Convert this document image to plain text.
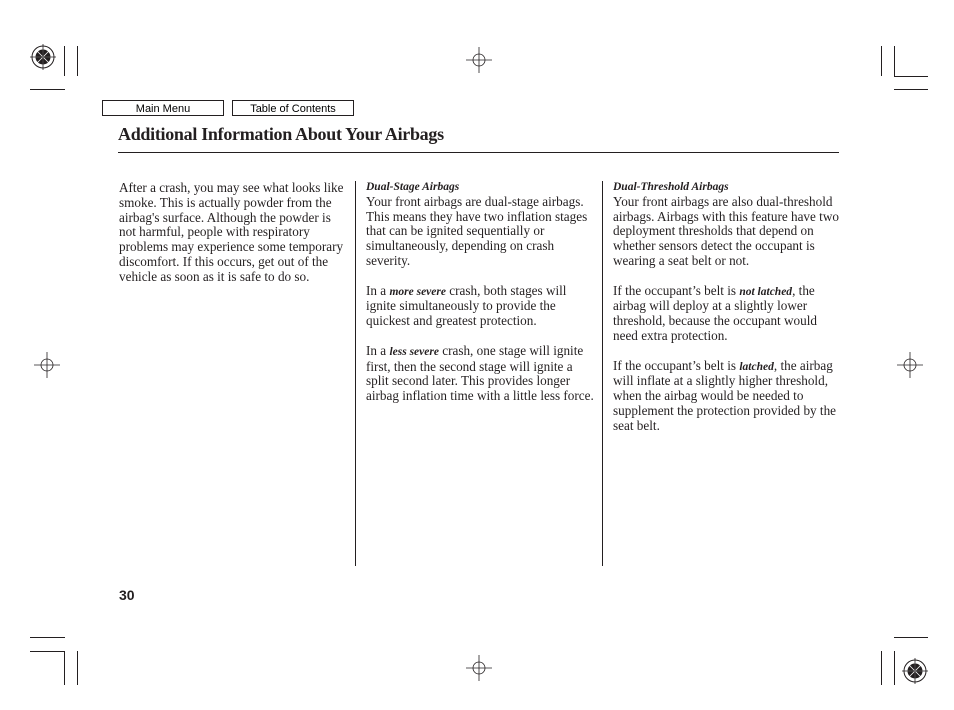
Main Menu	Table of Contents
Additional Information About Your Airbags

After a crash, you may see what looks like smoke. This is actually powder from the airbag's surface. Although the powder is not harmful, people with respiratory problems may experience some temporary discomfort. If this occurs, get out of the vehicle as soon as it is safe to do so.

Dual-Stage Airbags

Your front airbags are dual-stage airbags. This means they have two inflation stages that can be ignited sequentially or simultaneously, depending on crash severity.

In a more severe crash, both stages will ignite simultaneously to provide the quickest and greatest protection.

In a less severe crash, one stage will ignite first, then the second stage will ignite a split second later. This provides longer airbag inflation time with a little less force.

Dual-Threshold Airbags

Your front airbags are also dual-threshold airbags. Airbags with this feature have two deployment thresholds that depend on whether sensors detect the occupant is wearing a seat belt or not.

If the occupant’s belt is not latched, the airbag will deploy at a slightly lower threshold, because the occupant would need extra protection.

If the occupant’s belt is latched, the airbag will inflate at a slightly higher threshold, when the airbag would be needed to supplement the protection provided by the seat belt.

30
